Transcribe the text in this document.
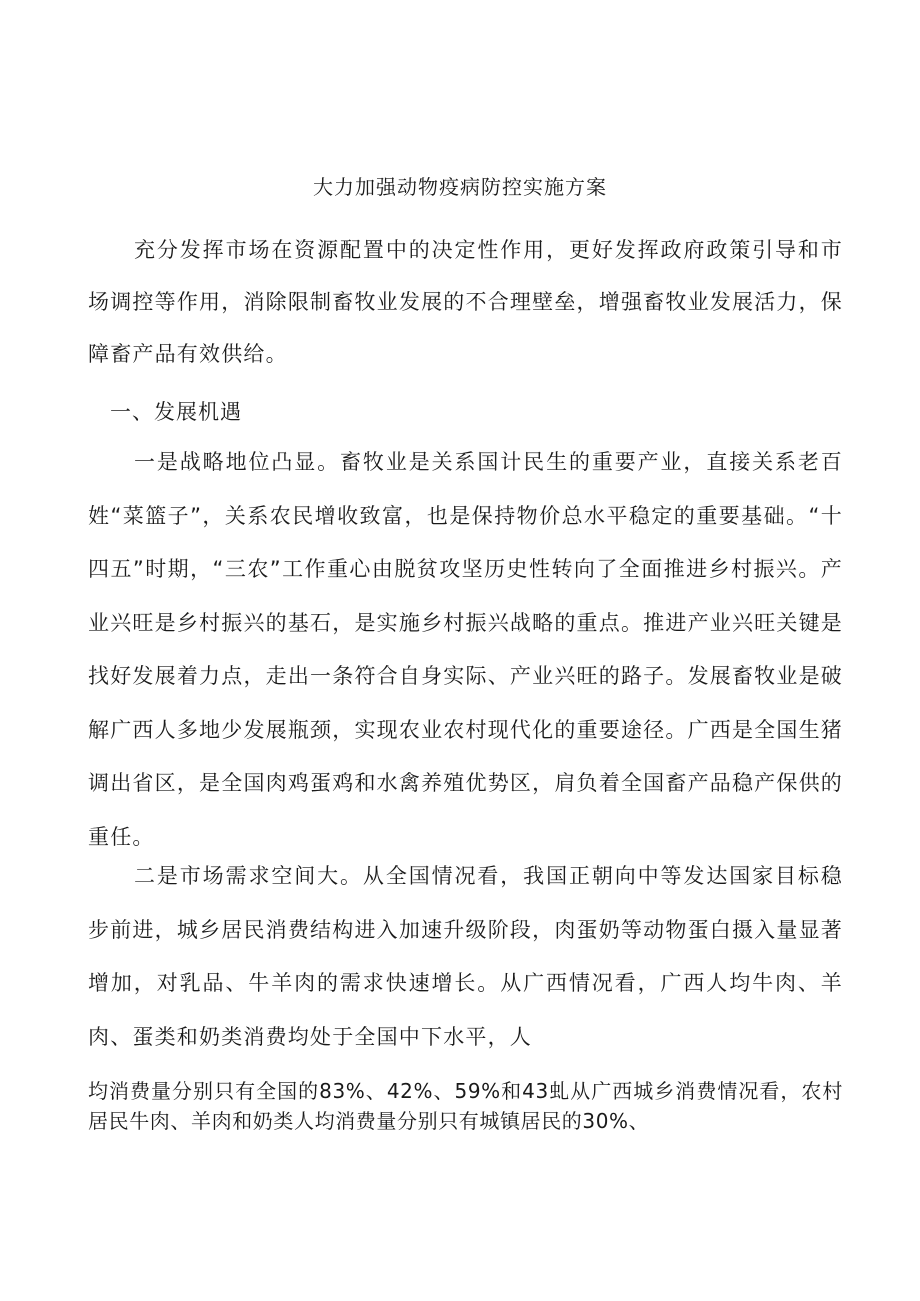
大力加强动物疫病防控实施方案

充分发挥市场在资源配置中的决定性作用，更好发挥政府政策引导和市场调控等作用，消除限制畜牧业发展的不合理壁垒，增强畜牧业发展活力，保障畜产品有效供给。

一、发展机遇

一是战略地位凸显。畜牧业是关系国计民生的重要产业，直接关系老百姓“菜篮子”，关系农民增收致富，也是保持物价总水平稳定的重要基础。“十四五”时期，“三农”工作重心由脱贫攻坚历史性转向了全面推进乡村振兴。产业兴旺是乡村振兴的基石，是实施乡村振兴战略的重点。推进产业兴旺关键是找好发展着力点，走出一条符合自身实际、产业兴旺的路子。发展畜牧业是破解广西人多地少发展瓶颈，实现农业农村现代化的重要途径。广西是全国生猪调出省区，是全国肉鸡蛋鸡和水禽养殖优势区，肩负着全国畜产品稳产保供的重任。

二是市场需求空间大。从全国情况看，我国正朝向中等发达国家目标稳步前进，城乡居民消费结构进入加速升级阶段，肉蛋奶等动物蛋白摄入量显著增加，对乳品、牛羊肉的需求快速增长。从广西情况看，广西人均牛肉、羊肉、蛋类和奶类消费均处于全国中下水平，人

均消费量分别只有全国的83%、42%、59%和43虬从广西城乡消费情况看，农村居民牛肉、羊肉和奶类人均消费量分别只有城镇居民的30%、
